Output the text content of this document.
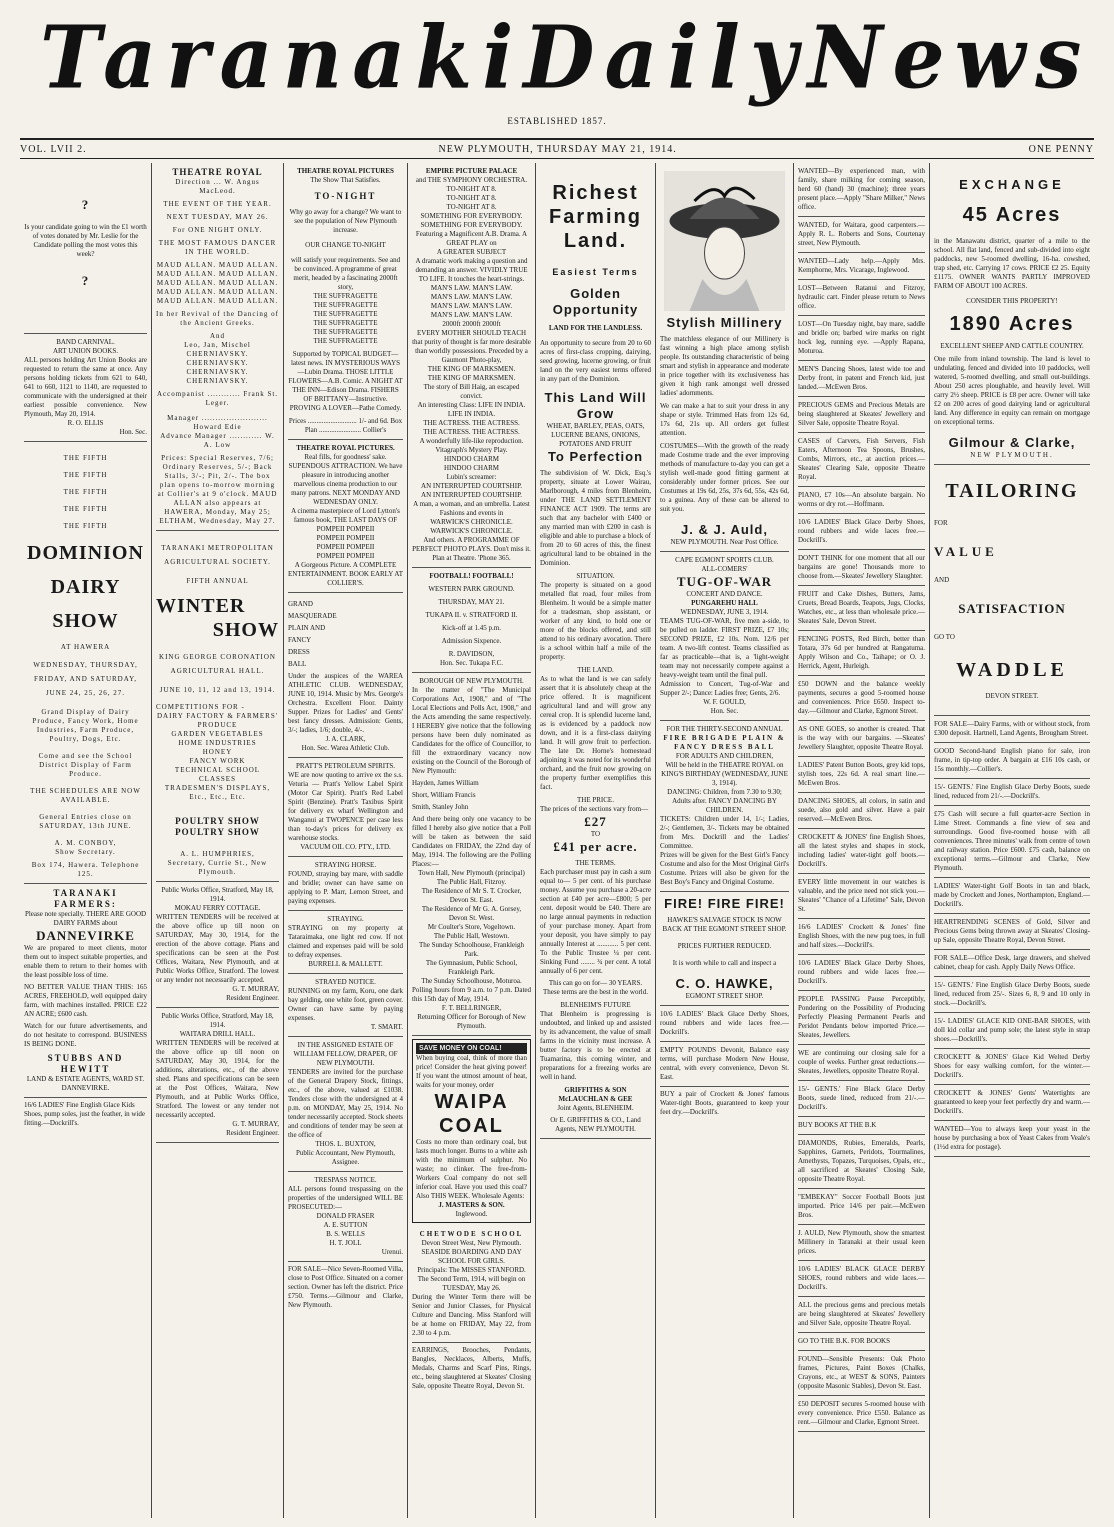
Taranaki Daily News
ESTABLISHED 1857.
VOL. LVII 2.	NEW PLYMOUTH, THURSDAY MAY 21, 1914.	ONE PENNY
?
Is your candidate going to win the £1 worth of votes donated by Mr. Leslie for the Candidate polling the most votes this week?
?
BAND CARNIVAL.
ART UNION BOOKS.
ALL persons holding Art Union Books are requested to return the same at once. Any persons holding tickets from 621 to 640, 641 to 660, 1121 to 1140, are requested to communicate with the undersigned at their earliest possible convenience. New Plymouth, May 20, 1914.
R. O. ELLIS
Hon. Sec.
THE FIFTH
THE FIFTH
THE FIFTH
THE FIFTH
THE FIFTH
DOMINION
DAIRY
SHOW
AT HAWERA
WEDNESDAY, THURSDAY, FRIDAY, AND SATURDAY, JUNE 24, 25, 26, 27.
Grand Display of Dairy Produce, Fancy Work, Home Industries, Farm Produce, Poultry, Dogs, Etc.
Come and see the School District Display of Farm Produce.
THE SCHEDULES ARE NOW AVAILABLE.
General Entries close on SATURDAY, 13th JUNE.
A. M. CONBOY,
Show Secretary.
Box 174, Hawera. Telephone 125.
TARANAKI FARMERS:
Please note specially. THERE ARE GOOD DAIRY FARMS about
DANNEVIRKE
We are prepared to meet clients, motor them out to inspect suitable properties, and enable them to return to their homes with the least possible loss of time.
NO BETTER VALUE THAN THIS: 165 ACRES, FREEHOLD, well equipped dairy farm, with machines installed. PRICE £22 AN ACRE; £600 cash.
Watch for our future advertisements, and do not hesitate to correspond. BUSINESS IS BEING DONE.
STUBBS AND HEWITT
LAND & ESTATE AGENTS, WARD ST. DANNEVIRKE.
16/6 LADIES' Fine English Glace Kids Shoes, pump soles, just the feather, in wide fitting.—Dockrill's.
THEATRE ROYAL
Direction ... W. Angus MacLeod.
THE EVENT OF THE YEAR.
NEXT TUESDAY, MAY 26.
For ONE NIGHT ONLY.
THE MOST FAMOUS DANCER IN THE WORLD.
MAUD ALLAN. MAUD ALLAN.
MAUD ALLAN. MAUD ALLAN.
MAUD ALLAN. MAUD ALLAN.
MAUD ALLAN. MAUD ALLAN.
MAUD ALLAN. MAUD ALLAN.
In her Revival of the Dancing of the Ancient Greeks.
And
Leo, Jan, Mischel
CHERNIAVSKY. CHERNIAVSKY.
CHERNIAVSKY. CHERNIAVSKY.
Accompanist ............ Frank St. Leger.
Manager ........................ Howard Edie
Advance Manager ............ W. A. Low
Prices: Special Reserves, 7/6; Ordinary Reserves, 5/-; Back Stalls, 3/-; Pit, 2/-. The box plan opens to-morrow morning at Collier's at 9 o'clock. MAUD ALLAN also appears at HAWERA, Monday, May 25; ELTHAM, Wednesday, May 27.
TARANAKI METROPOLITAN AGRICULTURAL SOCIETY.
FIFTH ANNUAL
WINTER
SHOW
KING GEORGE CORONATION AGRICULTURAL HALL.
JUNE 10, 11, 12 and 13, 1914.
COMPETITIONS FOR -
DAIRY FACTORY & FARMERS' PRODUCE
GARDEN VEGETABLES
HOME INDUSTRIES
HONEY
FANCY WORK
TECHNICAL SCHOOL CLASSES
TRADESMEN'S DISPLAYS, Etc., Etc., Etc.
POULTRY SHOW
POULTRY SHOW
A. L. HUMPHRIES,
Secretary, Currie St., New Plymouth.
Public Works Office, Stratford, May 18, 1914.
MOKAU FERRY COTTAGE.
WRITTEN TENDERS will be received at the above office up till noon on SATURDAY, May 30, 1914, for the erection of the above cottage. Plans and specifications can be seen at the Post Offices, Waitara, New Plymouth, and at Public Works Office, Stratford. The lowest or any tender not necessarily accepted.
G. T. MURRAY,
Resident Engineer.
Public Works Office, Stratford, May 18, 1914.
WAITARA DRILL HALL.
WRITTEN TENDERS will be received at the above office up till noon on SATURDAY, May 30, 1914, for the additions, alterations, etc., of the above shed. Plans and specifications can be seen at the Post Offices, Waitara, New Plymouth, and at Public Works Office, Stratford. The lowest or any tender not necessarily accepted.
G. T. MURRAY,
Resident Engineer.
THEATRE ROYAL PICTURES
The Show That Satisfies.
TO-NIGHT
Why go away for a change? We want to see the population of New Plymouth increase.
OUR CHANGE TO-NIGHT
will satisfy your requirements. See and be convinced. A programme of great merit, headed by a fascinating 2000ft story,
THE SUFFRAGETTE
THE SUFFRAGETTE
THE SUFFRAGETTE
THE SUFFRAGETTE
THE SUFFRAGETTE
THE SUFFRAGETTE
Supported by TOPICAL BUDGET—latest news. IN MYSTERIOUS WAYS—Lubin Drama. THOSE LITTLE FLOWERS—A.B. Comic. A NIGHT AT THE INN—Edison Drama. FISHERS OF BRITTANY—Instructive. PROVING A LOVER—Pathe Comedy.
Prices ............................ 1/- and 6d. Box Plan ........................ Collier's
THEATRE ROYAL PICTURES.
Real fills, for goodness' sake. SUPENDOUS ATTRACTION. We have pleasure in introducing another marvellous cinema production to our many patrons. NEXT MONDAY AND WEDNESDAY ONLY.
A cinema masterpiece of Lord Lytton's famous book, THE LAST DAYS OF
POMPEII POMPEII
POMPEII POMPEII
POMPEII POMPEII
POMPEII POMPEII
A Gorgeous Picture. A COMPLETE ENTERTAINMENT. BOOK EARLY AT COLLIER'S.
GRAND
MASQUERADE
PLAIN AND
FANCY
DRESS
BALL
Under the auspices of the WAREA ATHLETIC CLUB. WEDNESDAY, JUNE 10, 1914. Music by Mrs. George's Orchestra. Excellent Floor. Dainty Supper. Prizes for Ladies' and Gents' best fancy dresses. Admission: Gents, 3/-; ladies, 1/6; double, 4/-.
J. A. CLARK,
Hon. Sec. Warea Athletic Club.
PRATT'S PETROLEUM SPIRITS.
WE are now quoting to arrive ex the s.s. Veturia — Pratt's Yellow Label Spirit (Motor Car Spirit). Pratt's Red Label Spirit (Benzine). Pratt's Taxibus Spirit for delivery ex wharf Wellington and Wanganui at TWOPENCE per case less than to-day's prices for delivery ex warehouse stocks.
VACUUM OIL CO. PTY., LTD.
STRAYING HORSE.
FOUND, straying bay mare, with saddle and bridle; owner can have same on applying to P. Marr, Lemon Street, and paying expenses.
STRAYING.
STRAYING on my property at Tataraimaka, one light red cow. If not claimed and expenses paid will be sold to defray expenses.
BURRELL & MALLETT.
STRAYED NOTICE.
RUNNING on my farm, Koru, one dark bay gelding, one white foot, green cover. Owner can have same by paying expenses.
T. SMART.
IN THE ASSIGNED ESTATE OF WILLIAM FELLOW, DRAPER, OF NEW PLYMOUTH.
TENDERS are invited for the purchase of the General Drapery Stock, fittings, etc., of the above, valued at £1038. Tenders close with the undersigned at 4 p.m. on MONDAY, May 25, 1914. No tender necessarily accepted. Stock sheets and conditions of tender may be seen at the office of
THOS. L. BUXTON,
Public Accountant, New Plymouth, Assignee.
TRESPASS NOTICE.
ALL persons found trespassing on the properties of the undersigned WILL BE PROSECUTED:—
DONALD FRASER
A. E. SUTTON
B. S. WELLS
H. T. JOLL
Urenui.
FOR SALE—Nice Seven-Roomed Villa, close to Post Office. Situated on a corner section. Owner has left the district. Price £750. Terms.—Gilmour and Clarke, New Plymouth.
EMPIRE PICTURE PALACE
and THE SYMPHONY ORCHESTRA.
TO-NIGHT AT 8.
TO-NIGHT AT 8.
TO-NIGHT AT 8.
SOMETHING FOR EVERYBODY.
SOMETHING FOR EVERYBODY.
Featuring a Magnificent A.B. Drama. A GREAT PLAY on
A GREATER SUBJECT
A dramatic work making a question and demanding an answer. VIVIDLY TRUE TO LIFE. It touches the heart-strings.
MAN'S LAW. MAN'S LAW.
MAN'S LAW. MAN'S LAW.
MAN'S LAW. MAN'S LAW.
MAN'S LAW. MAN'S LAW.
2000ft 2000ft 2000ft
EVERY MOTHER SHOULD TEACH that purity of thought is far more desirable than worldly possessions. Preceded by a Gaumont Photo-play,
THE KING OF MARKSMEN.
THE KING OF MARKSMEN.
The story of Bill Haig, an escaped convict.
An interesting Class: LIFE IN INDIA. LIFE IN INDIA.
THE ACTRESS. THE ACTRESS.
THE ACTRESS. THE ACTRESS.
A wonderfully life-like reproduction. Vitagraph's Mystery Play.
HINDOO CHARM
HINDOO CHARM
Lubin's screamer:
AN INTERRUPTED COURTSHIP.
AN INTERRUPTED COURTSHIP.
A man, a woman, and an umbrella. Latest Fashions and events in
WARWICK'S CHRONICLE.
WARWICK'S CHRONICLE.
And others. A PROGRAMME OF PERFECT PHOTO PLAYS. Don't miss it. Plan at Theatre. 'Phone 365.
FOOTBALL! FOOTBALL!
WESTERN PARK GROUND.
THURSDAY, MAY 21.
TUKAPA II. v. STRATFORD II.
Kick-off at 1.45 p.m.
Admission Sixpence.
R. DAVIDSON,
Hon. Sec. Tukapa F.C.
BOROUGH OF NEW PLYMOUTH.
In the matter of "The Municipal Corporations Act, 1908," and of "The Local Elections and Polls Act, 1908," and the Acts amending the same respectively. I HEREBY give notice that the following persons have been duly nominated as Candidates for the office of Councillor, to fill the extraordinary vacancy now existing on the Council of the Borough of New Plymouth:
Hayden, James William
Short, William Francis
Smith, Stanley John
And there being only one vacancy to be filled I hereby also give notice that a Poll will be taken as between the said Candidates on FRIDAY, the 22nd day of May, 1914. The following are the Polling Places:—
Town Hall, New Plymouth (principal)
The Public Hall, Fitzroy.
The Residence of Mr S. T. Crocker, Devon St. East.
The Residence of Mr G. A. Gorsey, Devon St. West.
Mr Coulter's Store, Vogeltown.
The Public Hall, Westown.
The Sunday Schoolhouse, Frankleigh Park.
The Gymnasium, Public School, Frankleigh Park.
The Sunday Schoolhouse, Moturoa.
Polling hours from 9 a.m. to 7 p.m. Dated this 15th day of May, 1914.
F. T. BELLRINGER,
Returning Officer for Borough of New Plymouth.
SAVE MONEY ON COAL!
When buying coal, think of more than price! Consider the heat giving power! If you want the utmost amount of heat, waits for your money, order
WAIPA COAL
Costs no more than ordinary coal, but lasts much longer. Burns to a white ash with the minimum of sulphur. No waste; no clinker. The free-from-Workers Coal company do not sell inferior coal. Have you used this coal? Also THIS WEEK. Wholesale Agents:
J. MASTERS & SON.
Inglewood.
CHETWODE SCHOOL
Devon Street West, New Plymouth.
SEASIDE BOARDING AND DAY SCHOOL FOR GIRLS.
Principals: The MISSES STANFORD.
The Second Term, 1914, will begin on TUESDAY, May 26.
During the Winter Term there will be Senior and Junior Classes, for Physical Culture and Dancing. Miss Stanford will be at home on FRIDAY, May 22, from 2.30 to 4 p.m.
EARRINGS, Brooches, Pendants, Bangles, Necklaces, Alberts, Muffs, Medals, Charms and Scarf Pins, Rings, etc., being slaughtered at Skeates' Closing Sale, opposite Theatre Royal, Devon St.
Richest
Farming
Land.
Easiest Terms
Golden Opportunity
LAND FOR THE LANDLESS.
An opportunity to secure from 20 to 60 acres of first-class cropping, dairying, seed growing, lucerne growing, or fruit land on the very easiest terms offered in any part of the Dominion.
This Land Will Grow
WHEAT, BARLEY, PEAS, OATS, LUCERNE BEANS, ONIONS, POTATOES AND FRUIT
To Perfection
The subdivision of W. Dick, Esq.'s property, situate at Lower Wairau, Marlborough, 4 miles from Blenheim, under THE LAND SETTLEMENT FINANCE ACT 1909. The terms are such that any bachelor with £400 or any married man with £200 in cash is eligible and able to purchase a block of from 20 to 60 acres of this, the finest agricultural land to be obtained in the Dominion.
SITUATION.
The property is situated on a good metalled flat road, four miles from Blenheim. It would be a simple matter for a tradesman, shop assistant, or worker of any kind, to hold one or more of the blocks offered, and still attend to his ordinary avocation. There is a school within half a mile of the property.
THE LAND.
As to what the land is we can safely assert that it is absolutely cheap at the price offered. It is magnificent agricultural land and will grow any cereal crop. It is splendid lucerne land, as is evidenced by a paddock now down, and it is a first-class dairying land. It will grow fruit to perfection. The late Dr. Horne's homestead adjoining it was noted for its wonderful orchard, and the fruit now growing on the property further exemplifies this fact.
THE PRICE.
The prices of the sections vary from—
£27
TO
£41 per acre.
THE TERMS.
Each purchaser must pay in cash a sum equal to— 5 per cent. of his purchase money. Assume you purchase a 20-acre section at £40 per acre—£800; 5 per cent. deposit would be £40. There are no large annual payments in reduction of your purchase money. Apart from your deposit, you have simply to pay annually Interest at ............ 5 per cent. To the Public Trustee ¼ per cent. Sinking Fund ........ ¾ per cent. A total annually of 6 per cent.
This can go on for— 30 YEARS. These terms are the best in the world.
BLENHEIM'S FUTURE
That Blenheim is progressing is undoubted, and linked up and assisted by its advancement, the value of small farms in the vicinity must increase. A butter factory is to be erected at Tuamarina, this coming winter, and preparations for a freezing works are well in hand.
GRIFFITHS & SON
McLAUCHLAN & GEE
Joint Agents, BLENHEIM.
Or E. GRIFFITHS & CO., Land Agents, NEW PLYMOUTH.
Stylish Millinery
The matchless elegance of our Millinery is fast winning a high place among stylish people. Its outstanding characteristic of being smart and stylish in appearance and moderate in price together with its exclusiveness has given it high rank amongst well dressed ladies' adornments.
We can make a hat to suit your dress in any shape or style. Trimmed Hats from 12s 6d, 17s 6d, 21s up. All orders get fullest attention.
COSTUMES—With the growth of the ready made Costume trade and the ever improving methods of manufacture to-day you can get a stylish well-made good fitting garment at considerably under former prices. See our Costumes at 19s 6d, 25s, 37s 6d, 55s, 42s 6d, to a guinea. Any of these can be altered to suit you.
J. & J. Auld,
NEW PLYMOUTH. Near Post Office.
CAPE EGMONT SPORTS CLUB.
ALL-COMERS'
TUG-OF-WAR
CONCERT AND DANCE.
PUNGAREHU HALL
WEDNESDAY, JUNE 3, 1914.
TEAMS TUG-OF-WAR, five men a-side, to be pulled on ladder. FIRST PRIZE, £7 10s; SECOND PRIZE, £2 10s. Nom. 12/6 per team. A two-lift contest. Teams classified as far as practicable—that is, a 'light-weight team may not necessarily compete against a heavy-weight team until the final pull.
Admission to Concert, Tug-of-War and Supper 2/-; Dance: Ladies free; Gents, 2/6.
W. F. GOULD,
Hon. Sec.
FOR THE THIRTY-SECOND ANNUAL
FIRE BRIGADE PLAIN & FANCY DRESS BALL
FOR ADULTS AND CHILDREN,
Will be held in the THEATRE ROYAL on KING'S BIRTHDAY (WEDNESDAY, JUNE 3, 1914).
DANCING: Children, from 7.30 to 9.30; Adults after. FANCY DANCING BY CHILDREN.
TICKETS: Children under 14, 1/-; Ladies, 2/-; Gentlemen, 3/-. Tickets may be obtained from Mrs. Dockrill and the Ladies' Committee.
Prizes will be given for the Best Girl's Fancy Costume and also for the Most Original Girl's Costume. Prizes will also be given for the Best Boy's Fancy and Original Costume.
FIRE! FIRE FIRE!
HAWKE'S SALVAGE STOCK IS NOW BACK AT THE EGMONT STREET SHOP.
PRICES FURTHER REDUCED.
It is worth while to call and inspect a
C. O. HAWKE,
EGMONT STREET SHOP.
10/6 LADIES' Black Glace Derby Shoes, round rubbers and wide laces free.—Dockrill's.
EMPTY POUNDS Devonit, Balance easy terms, will purchase Modern New House, central, with every convenience, Devon St. East.
BUY a pair of Crockett & Jones' famous Water-tight Boots, guaranteed to keep your feet dry.—Dockrill's.
WANTED—By experienced man, with family, share milking for coming season, herd 60 (hand) 30 (machine); three years present place.—Apply "Share Milker," News office.
WANTED, for Waitara, good carpenters.—Apply R. L. Roberts and Sons, Courtenay street, New Plymouth.
WANTED—Lady help.—Apply Mrs. Kemphorne, Mrs. Vicarage, Inglewood.
LOST—Between Ratanui and Fitzroy, hydraulic cart. Finder please return to News office.
LOST—On Tuesday night, bay mare, saddle and bridle on; barbed wire marks on right hock leg, running eye. —Apply Rapana, Moturoa.
MEN'S Dancing Shoes, latest wide toe and Derby front, in patent and French kid, just landed.—McEwen Bros.
PRECIOUS GEMS and Precious Metals are being slaughtered at Skeates' Jewellery and Silver Sale, opposite Theatre Royal.
CASES of Carvers, Fish Servers, Fish Eaters, Afternoon Tea Spoons, Brushes, Combs, Mirrors, etc., at auction prices.—Skeates' Clearing Sale, opposite Theatre Royal.
PIANO, £7 10s—An absolute bargain. No worms or dry rot.—Hoffmann.
10/6 LADIES' Black Glace Derby Shoes, round rubbers and wide laces free.—Dockrill's.
DON'T THINK for one moment that all our bargains are gone! Thousands more to choose from.—Skeates' Jewellery Slaughter.
FRUIT and Cake Dishes, Butters, Jams, Cruets, Bread Boards, Teapots, Jugs, Clocks, Watches, etc., at less than wholesale price.—Skeates' Sale, Devon Street.
FENCING POSTS, Red Birch, better than Totara, 37s 6d per hundred at Rangatuma. Apply Wilson and Co., Taihape; or O. J. Herrick, Agent, Hurleigh.
£50 DOWN and the balance weekly payments, secures a good 5-roomed house and conveniences. Price £650. Inspect to-day.—Gilmour and Clarke, Egmont Street.
AS ONE GOES, so another is created. That is the way with our bargains. —Skeates' Jewellery Slaughter, opposite Theatre Royal.
LADIES' Patent Button Boots, grey kid tops, stylish toes, 22s 6d. A real smart line.—McEwen Bros.
DANCING SHOES, all colors, in satin and suede, also gold and silver. Have a pair reserved.—McEwen Bros.
CROCKETT & JONES' fine English Shoes, all the latest styles and shapes in stock, including ladies' water-tight golf boots.—Dockrill's.
EVERY little movement in our watches is valuable, and the price need not stick you.—Skeates' "Chance of a Lifetime" Sale, Devon St.
16/6 LADIES' Crockett & Jones' fine English Shoes, with the new pug toes, in full and half sizes.—Dockrill's.
10/6 LADIES' Black Glace Derby Shoes, round rubbers and wide laces free.—Dockrill's.
PEOPLE PASSING Pause Perceptibly, Pondering on the Possibility of Producing Perfectly Pleasing Permanent Pearls and Peridot Pendants below imported Price.—Skeates, Jewellers.
WE are continuing our closing sale for a couple of weeks. Further great reductions.—Skeates, Jewellers, opposite Theatre Royal.
15/- GENTS.' Fine Black Glace Derby Boots, suede lined, reduced from 21/-.—Dockrill's.
BUY BOOKS AT THE B.K
DIAMONDS, Rubies, Emeralds, Pearls, Sapphires, Garnets, Peridots, Tourmalines, Amethysts, Topazes, Turquoises, Opals, etc., all sacrificed at Skeates' Closing Sale, opposite Theatre Royal.
"EMBEKAY" Soccer Football Boots just imported. Price 14/6 per pair.—McEwen Bros.
J. AULD, New Plymouth, show the smartest Millinery in Taranaki at their usual keen prices.
10/6 LADIES' BLACK GLACE DERBY SHOES, round rubbers and wide laces.—Dockrill's.
ALL the precious gems and precious metals are being slaughtered at Skeates' Jewellery and Silver Sale, opposite Theatre Royal.
GO TO THE B.K. FOR BOOKS
FOUND—Sensible Presents: Oak Photo frames, Pictures, Paint Boxes (Chalks, Crayons, etc., at WEST & SONS, Painters (opposite Masonic Stables), Devon St. East.
£50 DEPOSIT secures 5-roomed house with every convenience. Price £550. Balance as rent.—Gilmour and Clarke, Egmont Street.
EXCHANGE
45 Acres
in the Manawatu district, quarter of a mile to the school. All flat land, fenced and sub-divided into eight paddocks, new 5-roomed dwelling, 16-ha. cowshed, trap shed, etc. Carrying 17 cows. PRICE £2 25. Equity £1175. OWNER WANTS PARTLY IMPROVED FARM OF ABOUT 100 ACRES.
CONSIDER THIS PROPERTY!
1890 Acres
EXCELLENT SHEEP AND CATTLE COUNTRY.
One mile from inland township. The land is level to undulating, fenced and divided into 10 paddocks, well watered, 5-roomed dwelling, and small out-buildings. About 250 acres ploughable, and heavily level. Will carry 2½ sheep. PRICE is £8 per acre. Owner will take £2 on 200 acres of good dairying land or agricultural land. Any difference in equity can remain on mortgage on exceptional terms.
Gilmour & Clarke,
NEW PLYMOUTH.
TAILORING
FOR
VALUE
AND
SATISFACTION
GO TO
WADDLE
DEVON STREET.
FOR SALE—Dairy Farms, with or without stock, from £300 deposit. Hartnell, Land Agents, Brougham Street.
GOOD Second-hand English piano for sale, iron frame, in tip-top order. A bargain at £16 10s cash, or 15s monthly.—Collier's.
15/- GENTS.' Fine English Glace Derby Boots, suede lined, reduced from 21/-.—Dockrill's.
£75 Cash will secure a full quarter-acre Section in Lime Street. Commands a fine view of sea and surroundings. Good five-roomed house with all conveniences. Three minutes' walk from centre of town and railway station. Price £600. £75 cash, balance on exceptional terms.—Gilmour and Clarke, New Plymouth.
LADIES' Water-tight Golf Boots in tan and black, made by Crockett and Jones, Northampton, England.—Dockrill's.
HEARTRENDING SCENES of Gold, Silver and Precious Gems being thrown away at Skeates' Closing-up Sale, opposite Theatre Royal, Devon Street.
FOR SALE—Office Desk, large drawers, and shelved cabinet, cheap for cash. Apply Daily News Office.
15/- GENTS.' Fine English Glace Derby Boots, suede lined, reduced from 25/-. Sizes 6, 8, 9 and 10 only in stock.—Dockrill's.
15/- LADIES' GLACE KID ONE-BAR SHOES, with doll kid collar and pump sole; the latest style in strap shoes.—Dockrill's.
CROCKETT & JONES' Glace Kid Welted Derby Shoes for easy walking comfort, for the winter.—Dockrill's.
CROCKETT & JONES' Gents' Watertights are guaranteed to keep your feet perfectly dry and warm.—Dockrill's.
WANTED—You to always keep your yeast in the house by purchasing a box of Yeast Cakes from Veale's (1½d extra for postage).
